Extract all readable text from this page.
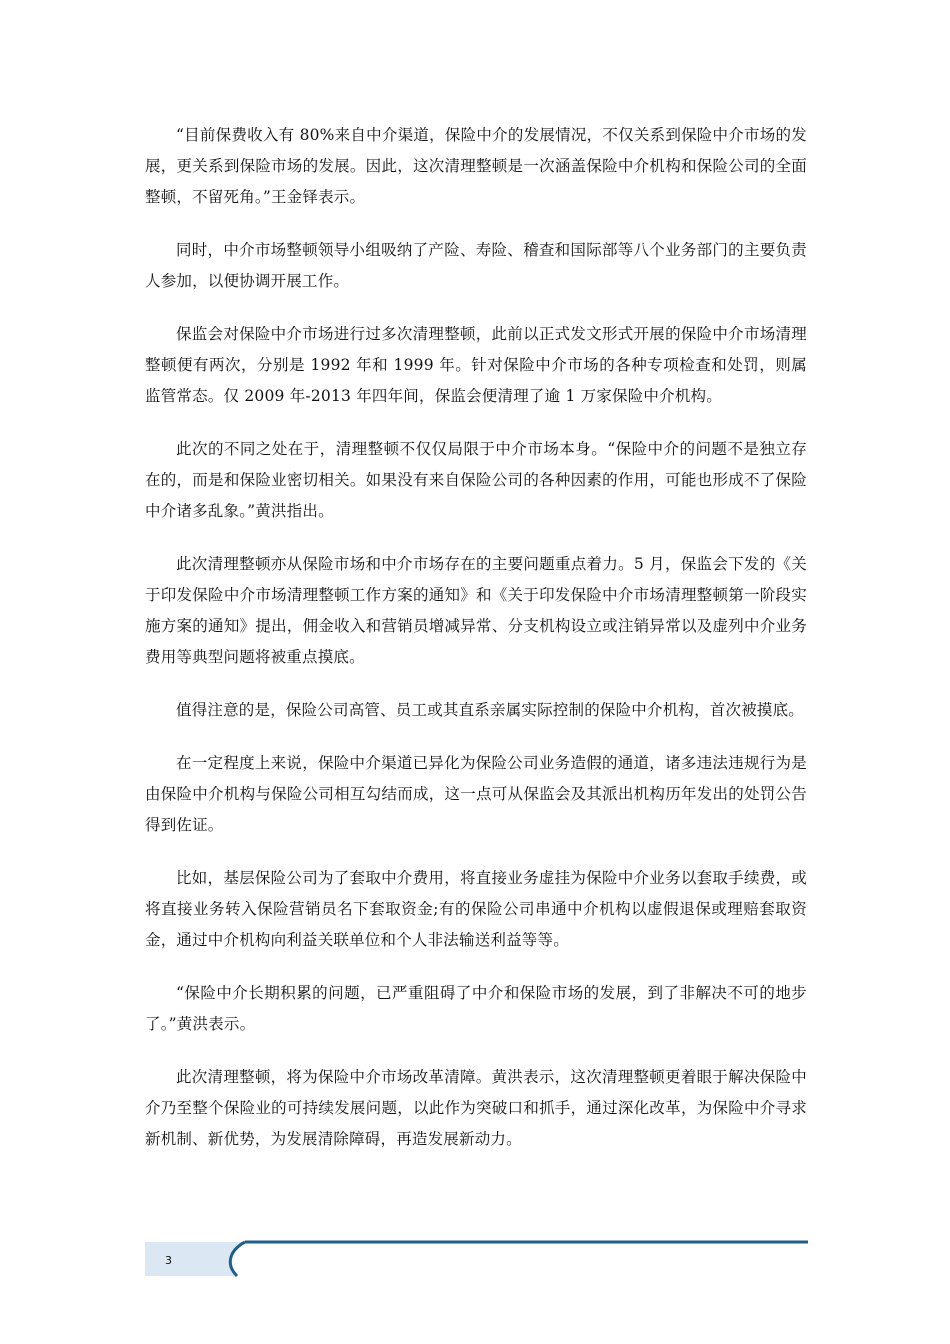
“目前保费收入有 80%来自中介渠道，保险中介的发展情况，不仅关系到保险中介市场的发展，更关系到保险市场的发展。因此，这次清理整顿是一次涵盖保险中介机构和保险公司的全面整顿，不留死角。”王金铎表示。

同时，中介市场整顿领导小组吸纳了产险、寿险、稽查和国际部等八个业务部门的主要负责人参加，以便协调开展工作。

保监会对保险中介市场进行过多次清理整顿，此前以正式发文形式开展的保险中介市场清理整顿便有两次，分别是 1992 年和 1999 年。针对保险中介市场的各种专项检查和处罚，则属监管常态。仅 2009 年-2013 年四年间，保监会便清理了逾 1 万家保险中介机构。

此次的不同之处在于，清理整顿不仅仅局限于中介市场本身。“保险中介的问题不是独立存在的，而是和保险业密切相关。如果没有来自保险公司的各种因素的作用，可能也形成不了保险中介诸多乱象。”黄洪指出。

此次清理整顿亦从保险市场和中介市场存在的主要问题重点着力。5 月，保监会下发的《关于印发保险中介市场清理整顿工作方案的通知》和《关于印发保险中介市场清理整顿第一阶段实施方案的通知》提出，佣金收入和营销员增减异常、分支机构设立或注销异常以及虚列中介业务费用等典型问题将被重点摸底。

值得注意的是，保险公司高管、员工或其直系亲属实际控制的保险中介机构，首次被摸底。

在一定程度上来说，保险中介渠道已异化为保险公司业务造假的通道，诸多违法违规行为是由保险中介机构与保险公司相互勾结而成，这一点可从保监会及其派出机构历年发出的处罚公告得到佐证。

比如，基层保险公司为了套取中介费用，将直接业务虚挂为保险中介业务以套取手续费，或将直接业务转入保险营销员名下套取资金;有的保险公司串通中介机构以虚假退保或理赔套取资金，通过中介机构向利益关联单位和个人非法输送利益等等。

“保险中介长期积累的问题，已严重阻碍了中介和保险市场的发展，到了非解决不可的地步了。”黄洪表示。

此次清理整顿，将为保险中介市场改革清障。黄洪表示，这次清理整顿更着眼于解决保险中介乃至整个保险业的可持续发展问题，以此作为突破口和抓手，通过深化改革，为保险中介寻求新机制、新优势，为发展清除障碍，再造发展新动力。

3
